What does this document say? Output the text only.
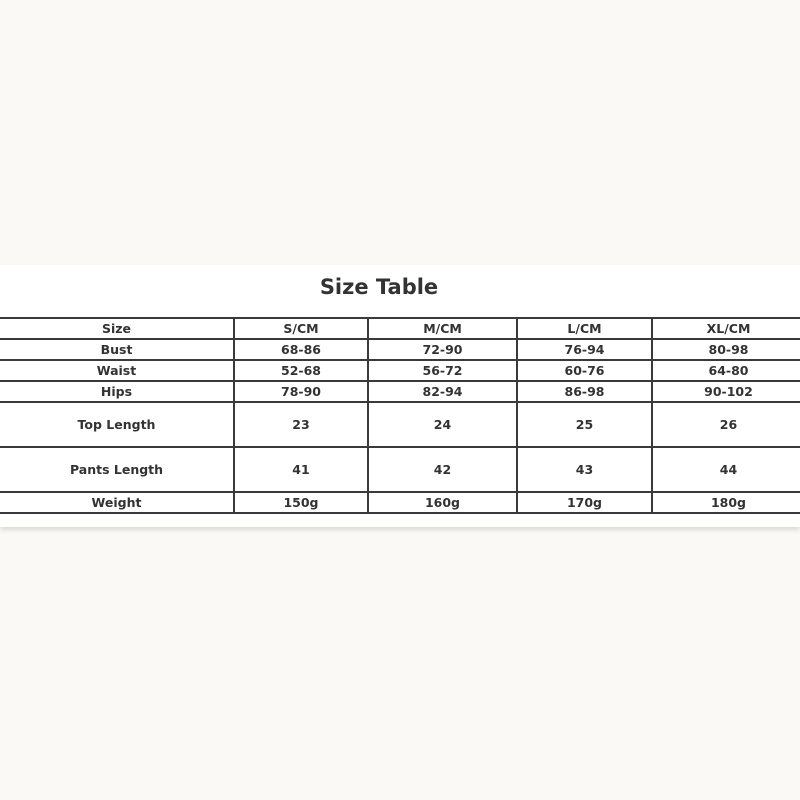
Size Table
Size	S/CM	M/CM	L/CM	XL/CM
Bust	68-86	72-90	76-94	80-98
Waist	52-68	56-72	60-76	64-80
Hips	78-90	82-94	86-98	90-102
Top Length	23	24	25	26
Pants Length	41	42	43	44
Weight	150g	160g	170g	180g
